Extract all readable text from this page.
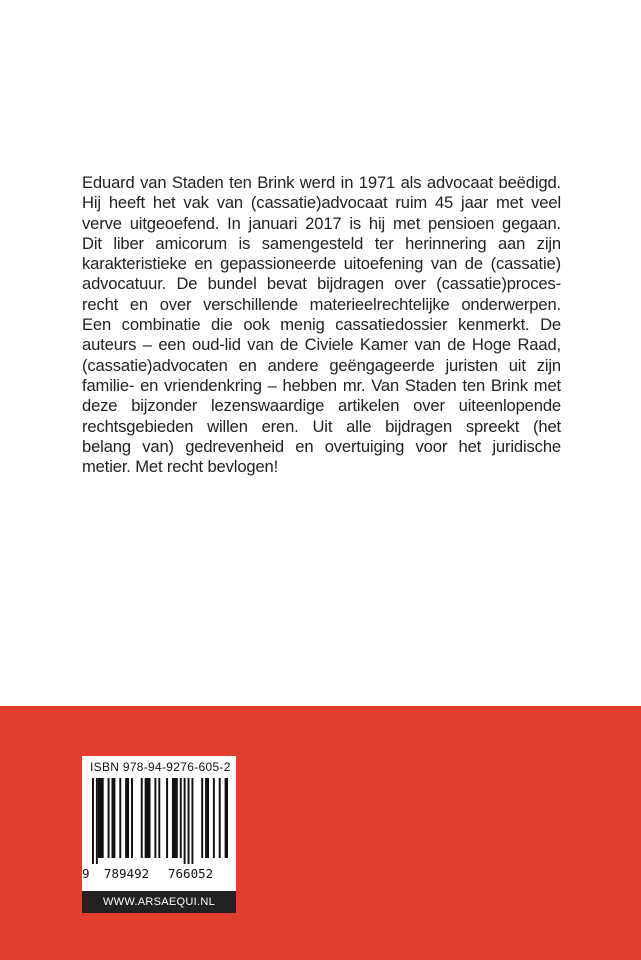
Eduard van Staden ten Brink werd in 1971 als advocaat beëdigd.
Hij heeft het vak van (cassatie)advocaat ruim 45 jaar met veel
verve uitgeoefend. In januari 2017 is hij met pensioen gegaan.
Dit liber amicorum is samengesteld ter herinnering aan zijn
karakteristieke en gepassioneerde uitoefening van de (cassatie)
advocatuur. De bundel bevat bijdragen over (cassatie)proces-
recht en over verschillende materieelrechtelijke onderwerpen.
Een combinatie die ook menig cassatiedossier kenmerkt. De
auteurs – een oud-lid van de Civiele Kamer van de Hoge Raad,
(cassatie)advocaten en andere geëngageerde juristen uit zijn
familie- en vriendenkring – hebben mr. Van Staden ten Brink met
deze bijzonder lezenswaardige artikelen over uiteenlopende
rechtsgebieden willen eren. Uit alle bijdragen spreekt (het
belang van) gedrevenheid en overtuiging voor het juridische
metier. Met recht bevlogen!
ISBN 978-94-9276-605-2
9 789492 766052
WWW.ARSAEQUI.NL
